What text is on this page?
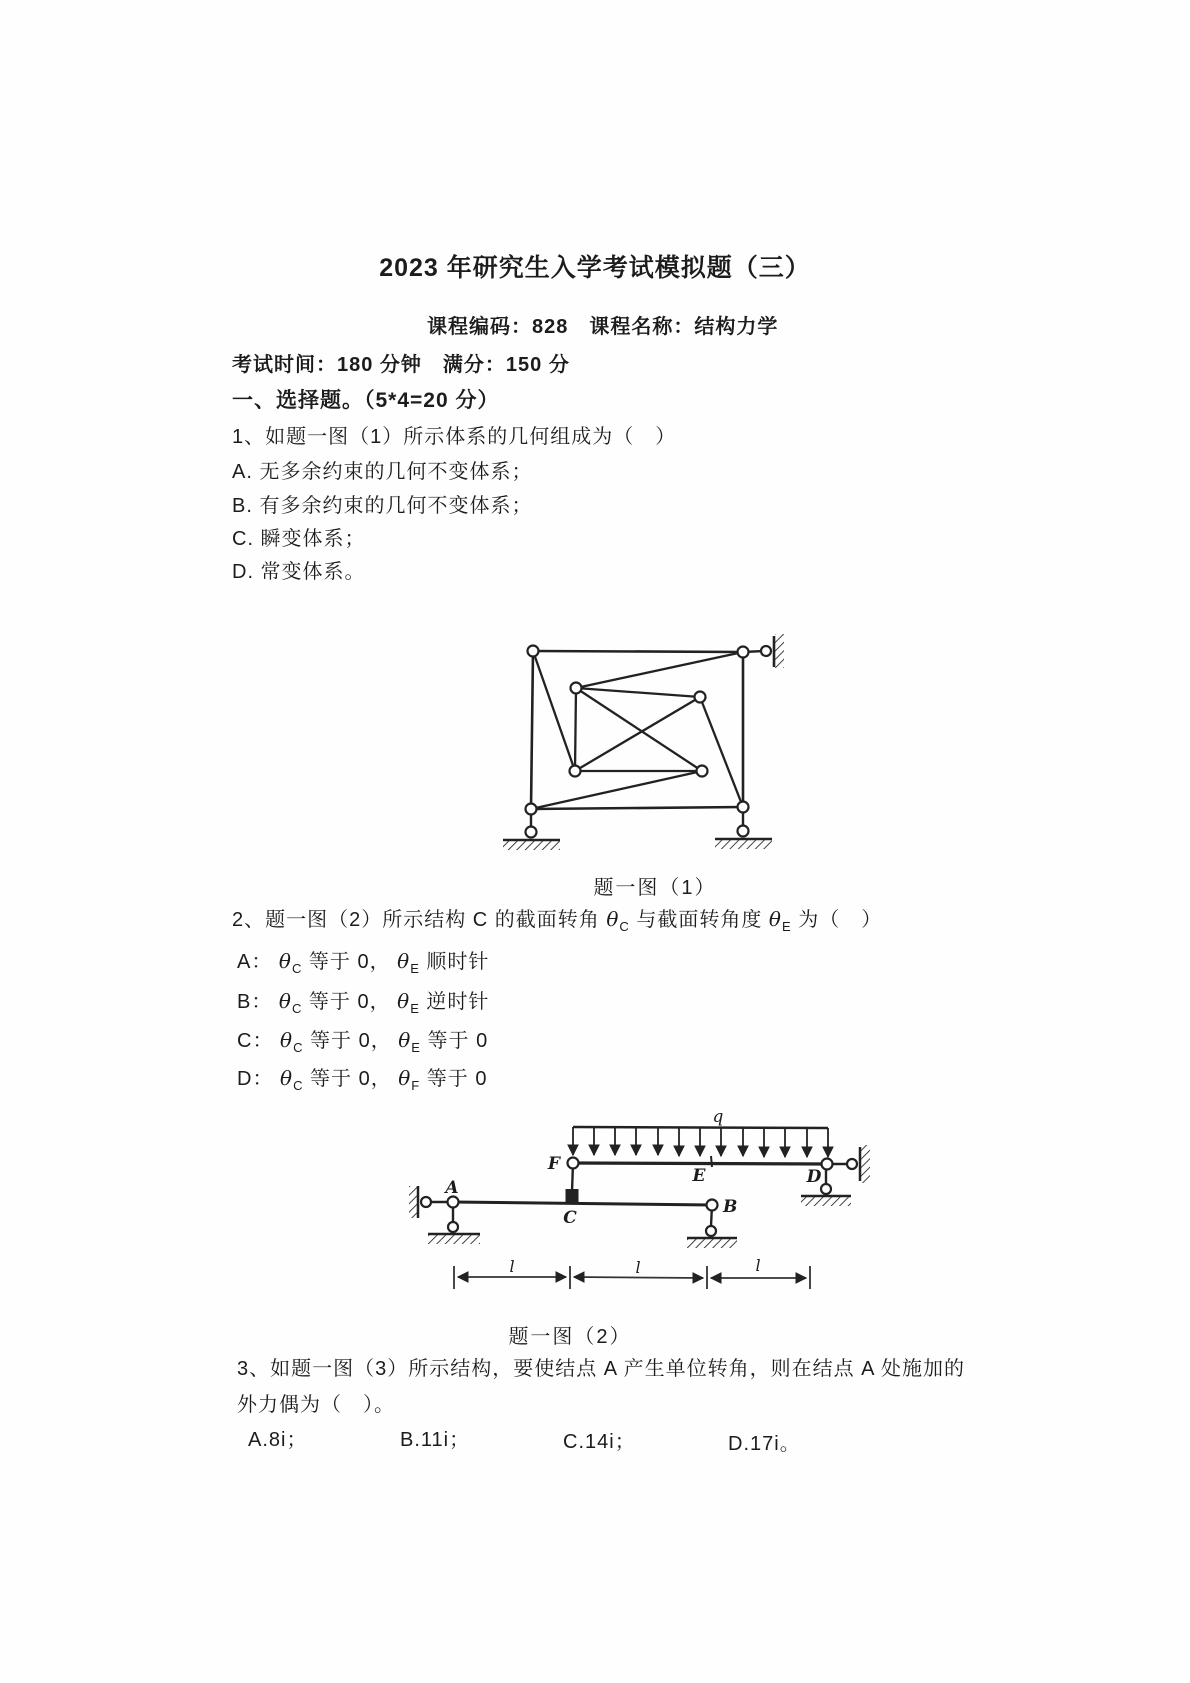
2023 年研究生入学考试模拟题（三）
课程编码：828　课程名称：结构力学
考试时间：180 分钟　满分：150 分
一、选择题。（5*4=20 分）
1、如题一图（1）所示体系的几何组成为（　）
A. 无多余约束的几何不变体系；
B. 有多余约束的几何不变体系；
C. 瞬变体系；
D. 常变体系。
题一图（1）
2、题一图（2）所示结构 C 的截面转角 $\theta_C$ 与截面转角度 $\theta_E$ 为（　）
A： $\theta_C$ 等于 0， $\theta_E$ 顺时针
B： $\theta_C$ 等于 0， $\theta_E$ 逆时针
C： $\theta_C$ 等于 0， $\theta_E$ 等于 0
D： $\theta_C$ 等于 0， $\theta_F$ 等于 0
q
F
E	D
A
C
B
l	l	l
题一图（2）
3、如题一图（3）所示结构，要使结点 A 产生单位转角，则在结点 A 处施加的
外力偶为（　）。
A.8i；	B.11i；	C.14i；	D.17i。
